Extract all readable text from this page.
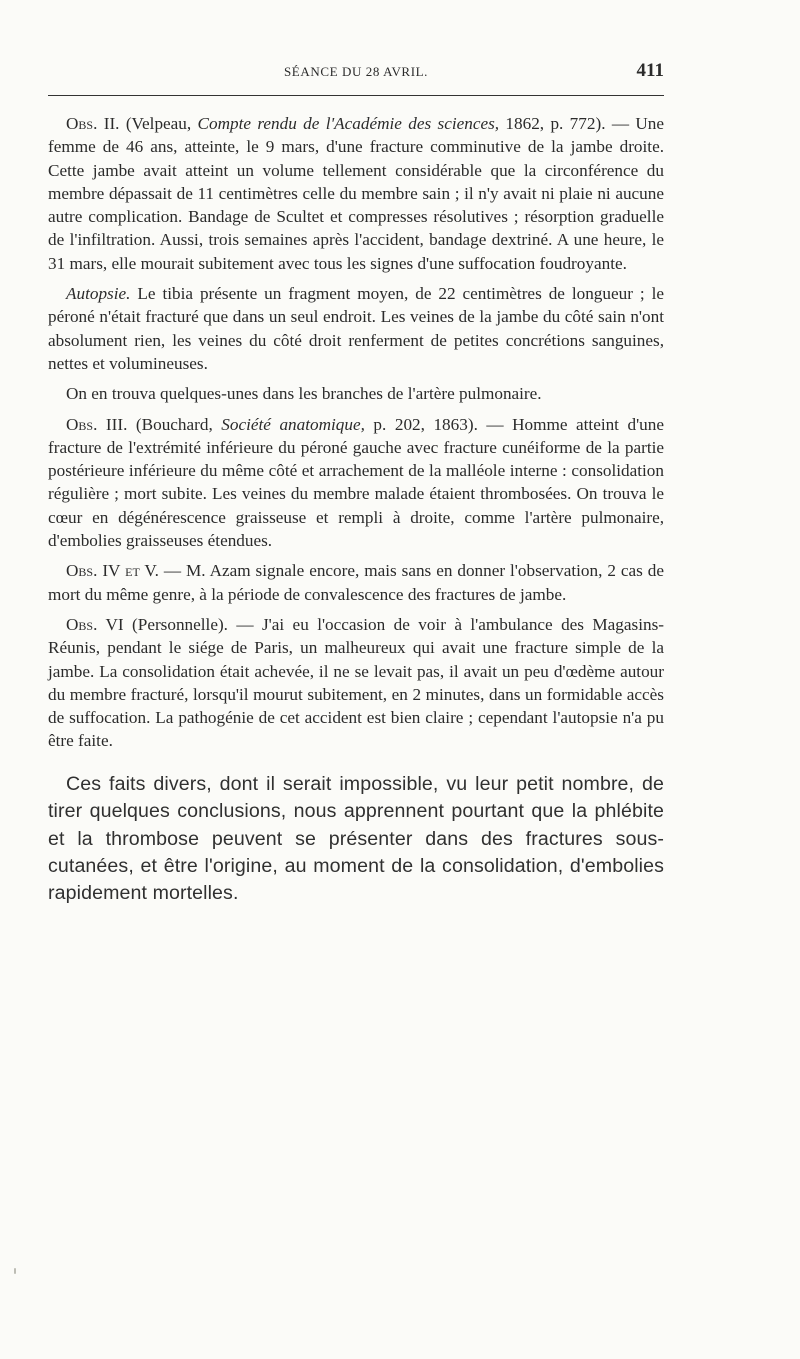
SÉANCE DU 28 AVRIL.	411

Obs. II. (Velpeau, Compte rendu de l'Académie des sciences, 1862, p. 772). — Une femme de 46 ans, atteinte, le 9 mars, d'une fracture comminutive de la jambe droite. Cette jambe avait atteint un volume tellement considérable que la circonférence du membre dépassait de 11 centimètres celle du membre sain ; il n'y avait ni plaie ni aucune autre complication. Bandage de Scultet et compresses résolutives ; résorption graduelle de l'infiltration. Aussi, trois semaines après l'accident, bandage dextriné. A une heure, le 31 mars, elle mourait subitement avec tous les signes d'une suffocation foudroyante.

Autopsie. Le tibia présente un fragment moyen, de 22 centimètres de longueur ; le péroné n'était fracturé que dans un seul endroit. Les veines de la jambe du côté sain n'ont absolument rien, les veines du côté droit renferment de petites concrétions sanguines, nettes et volumineuses.

On en trouva quelques-unes dans les branches de l'artère pulmonaire.

Obs. III. (Bouchard, Société anatomique, p. 202, 1863). — Homme atteint d'une fracture de l'extrémité inférieure du péroné gauche avec fracture cunéiforme de la partie postérieure inférieure du même côté et arrachement de la malléole interne : consolidation régulière ; mort subite. Les veines du membre malade étaient thrombosées. On trouva le cœur en dégénérescence graisseuse et rempli à droite, comme l'artère pulmonaire, d'embolies graisseuses étendues.

Obs. IV et V. — M. Azam signale encore, mais sans en donner l'observation, 2 cas de mort du même genre, à la période de convalescence des fractures de jambe.

Obs. VI (Personnelle). — J'ai eu l'occasion de voir à l'ambulance des Magasins-Réunis, pendant le siége de Paris, un malheureux qui avait une fracture simple de la jambe. La consolidation était achevée, il ne se levait pas, il avait un peu d'œdème autour du membre fracturé, lorsqu'il mourut subitement, en 2 minutes, dans un formidable accès de suffocation. La pathogénie de cet accident est bien claire ; cependant l'autopsie n'a pu être faite.

Ces faits divers, dont il serait impossible, vu leur petit nombre, de tirer quelques conclusions, nous apprennent pourtant que la phlébite et la thrombose peuvent se présenter dans des fractures sous-cutanées, et être l'origine, au moment de la consolidation, d'embolies rapidement mortelles.
